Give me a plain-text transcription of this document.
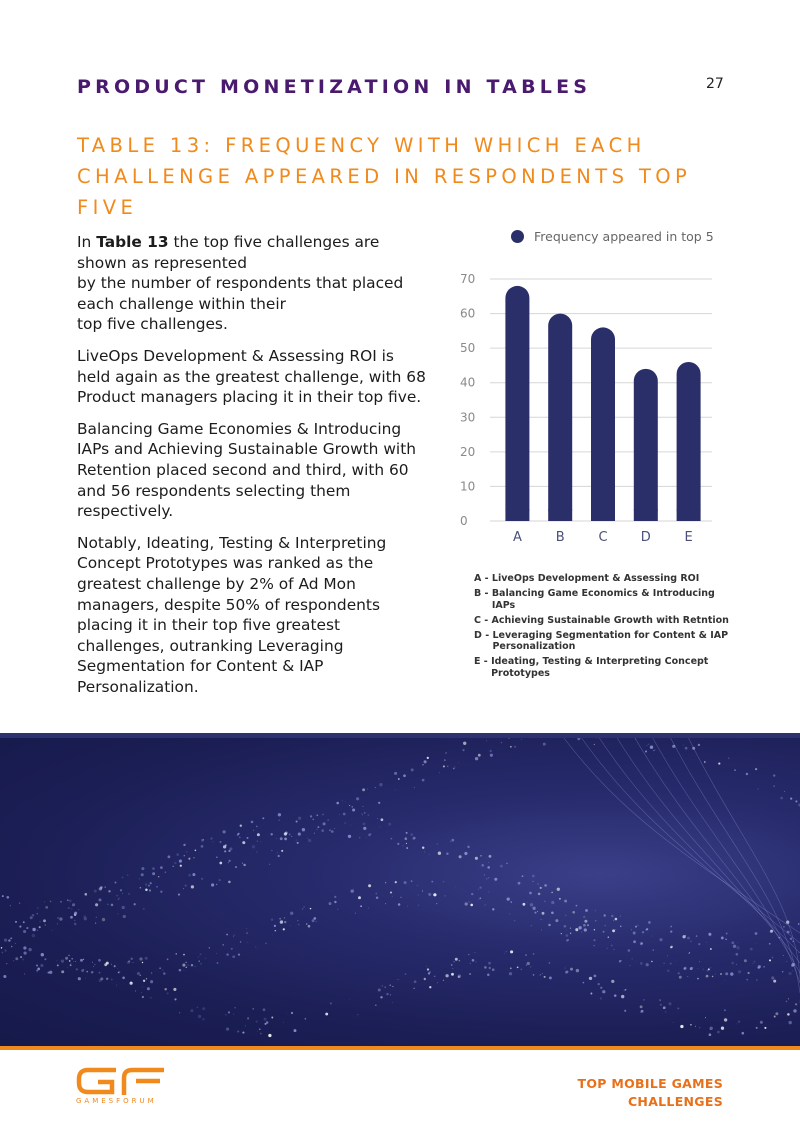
PRODUCT MONETIZATION IN TABLES	27
TABLE 13: FREQUENCY WITH WHICH EACH
CHALLENGE APPEARED IN RESPONDENTS TOP FIVE

In Table 13 the top five challenges are
shown as represented
by the number of respondents that placed
each challenge within their
top five challenges.

LiveOps Development & Assessing ROI is held again as the greatest challenge, with 68 Product managers placing it in their top five.

Balancing Game Economies & Introducing IAPs and Achieving Sustainable Growth with Retention placed second and third, with 60 and 56 respondents selecting them respectively.

Notably, Ideating, Testing & Interpreting Concept Prototypes was ranked as the greatest challenge by 2% of Ad Mon managers, despite 50% of respondents placing it in their top five greatest challenges, outranking Leveraging Segmentation for Content & IAP Personalization.

Frequency appeared in top 5
0
10
20
30
40
50
60
70
A	B	C	D	E
A - LiveOps Development & Assessing ROI
B - Balancing Game Economics & Introducing IAPs
C - Achieving Sustainable Growth with Retntion
D - Leveraging Segmentation for Content & IAP Personalization
E - Ideating, Testing & Interpreting Concept Prototypes
GAMESFORUM
TOP MOBILE GAMES
CHALLENGES
